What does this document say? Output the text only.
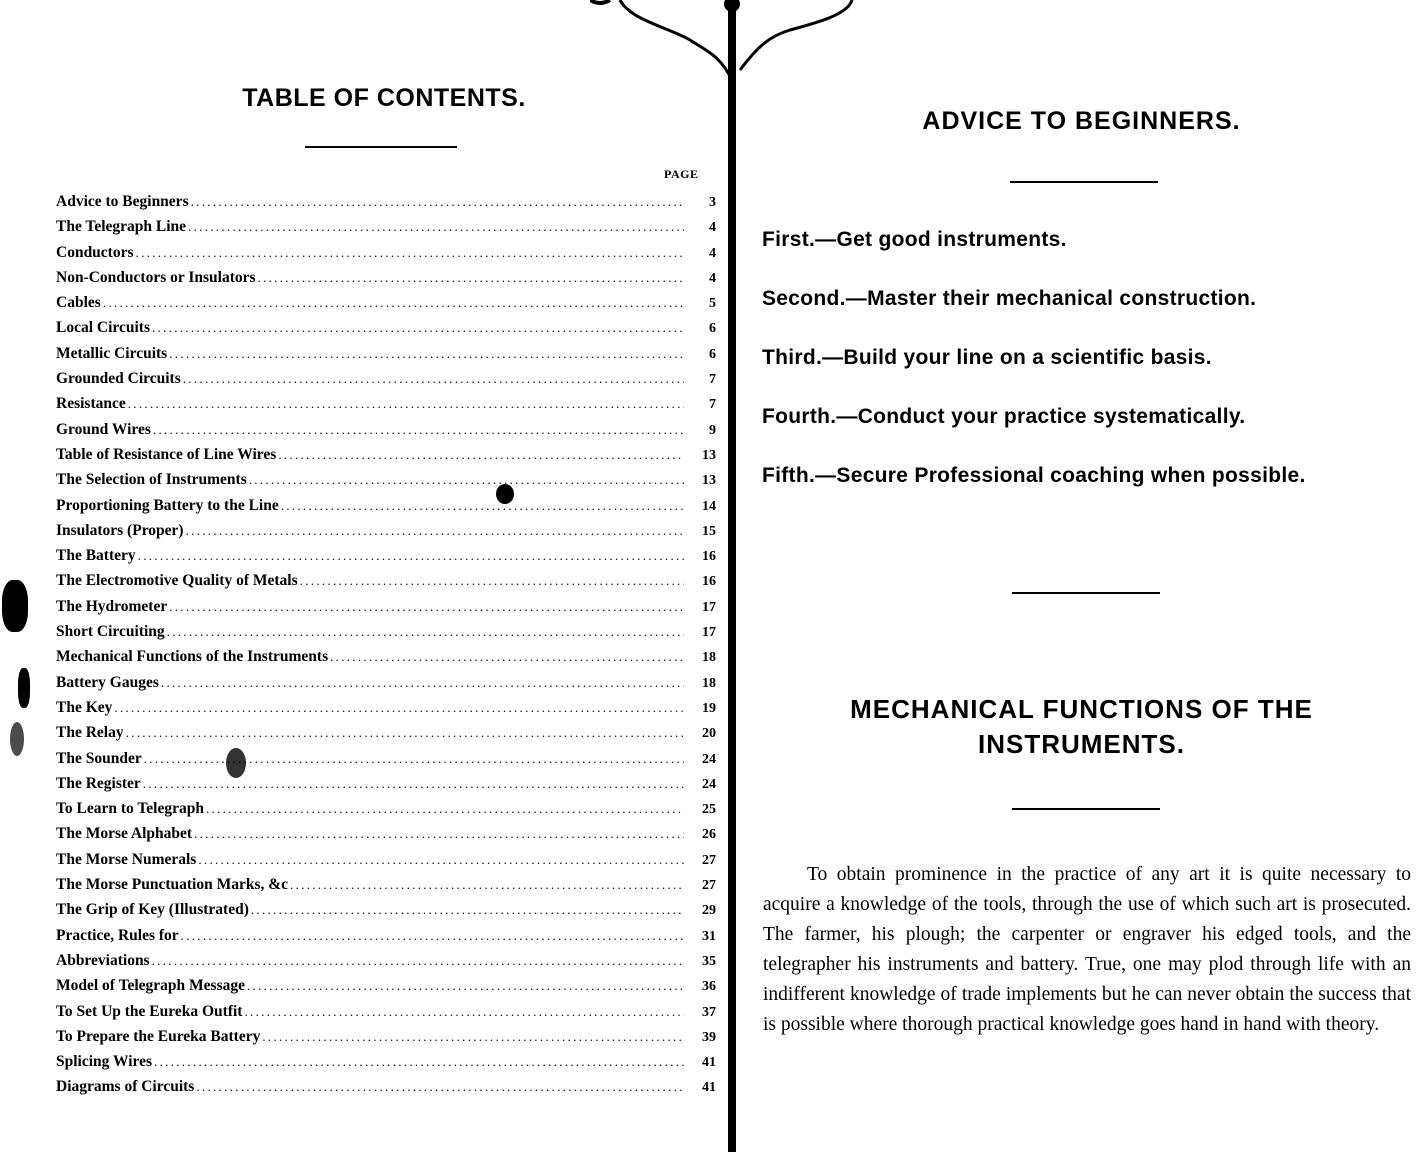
TABLE OF CONTENTS.
PAGE
Advice to Beginners .....	3
The Telegraph Line .....	4
Conductors .....	4
Non-Conductors or Insulators .....	4
Cables .....	5
Local Circuits .....	6
Metallic Circuits .....	6
Grounded Circuits .....	7
Resistance .....	7
Ground Wires .....	9
Table of Resistance of Line Wires .....	13
The Selection of Instruments .....	13
Proportioning Battery to the Line .....	14
Insulators (Proper) .....	15
The Battery .....	16
The Electromotive Quality of Metals .....	16
The Hydrometer .....	17
Short Circuiting .....	17
Mechanical Functions of the Instruments .....	18
Battery Gauges .....	18
The Key .....	19
The Relay .....	20
The Sounder .....	24
The Register .....	24
To Learn to Telegraph .....	25
The Morse Alphabet .....	26
The Morse Numerals .....	27
The Morse Punctuation Marks, &c .....	27
The Grip of Key (Illustrated) .....	29
Practice, Rules for .....	31
Abbreviations .....	35
Model of Telegraph Message .....	36
To Set Up the Eureka Outfit .....	37
To Prepare the Eureka Battery .....	39
Splicing Wires .....	41
Diagrams of Circuits .....	41
ADVICE TO BEGINNERS.
First.—Get good instruments.
Second.—Master their mechanical construction.
Third.—Build your line on a scientific basis.
Fourth.—Conduct your practice systematically.
Fifth.—Secure Professional coaching when possible.
MECHANICAL FUNCTIONS OF THE
INSTRUMENTS.

To obtain prominence in the practice of any art it is quite necessary to acquire a knowledge of the tools, through the use of which such art is prosecuted. The farmer, his plough; the carpenter or engraver his edged tools, and the telegrapher his instruments and battery. True, one may plod through life with an indifferent knowledge of trade implements but he can never obtain the success that is possible where thorough practical knowledge goes hand in hand with theory.
